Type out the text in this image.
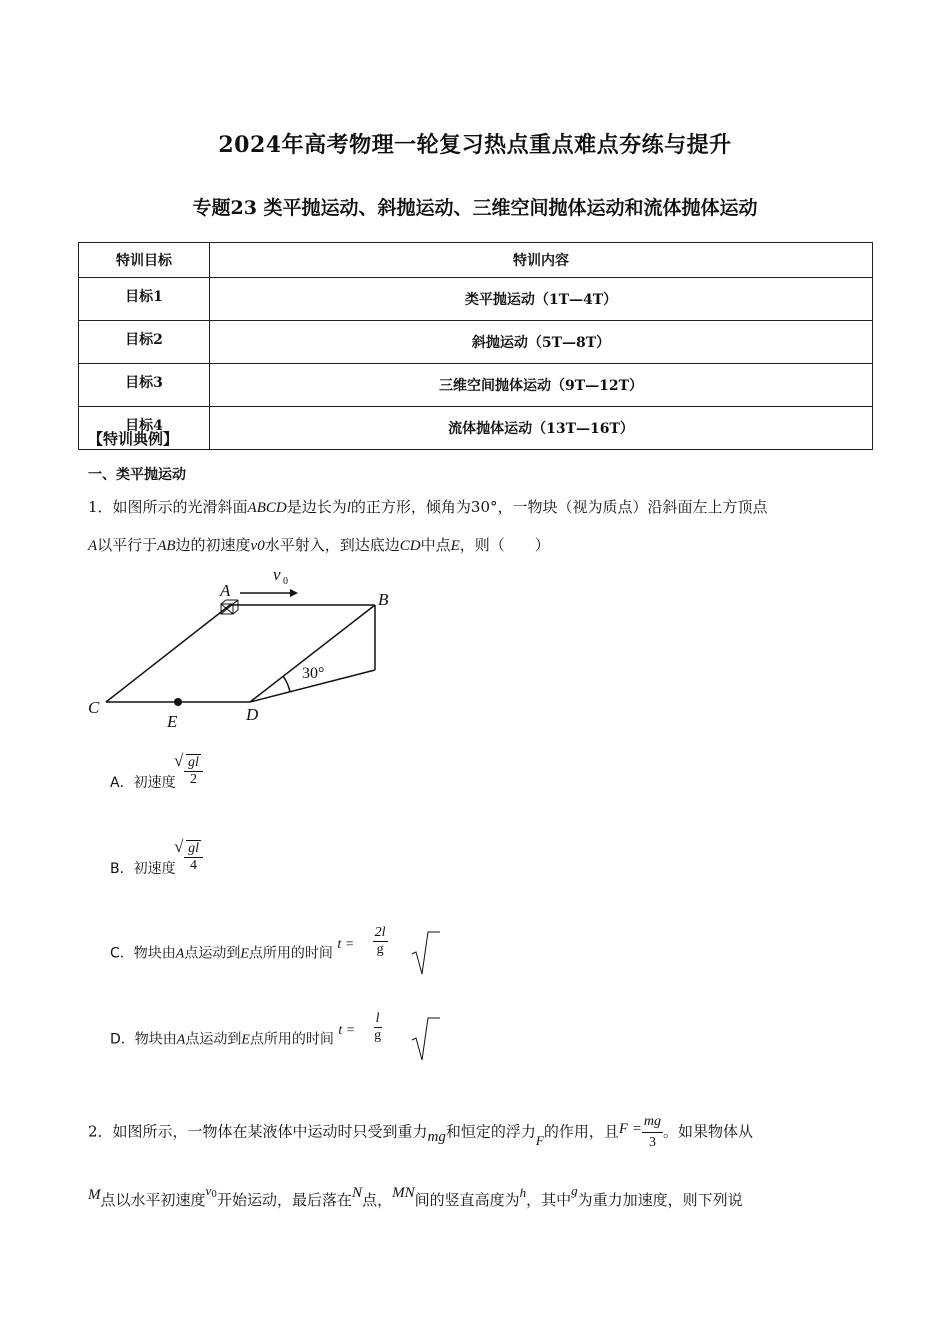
2024年高考物理一轮复习热点重点难点夯练与提升
专题23 类平抛运动、斜抛运动、三维空间抛体运动和流体抛体运动
特训目标	特训内容
目标1	类平抛运动（1T—4T）
目标2	斜抛运动（5T—8T）
目标3	三维空间抛体运动（9T—12T）
目标4	流体抛体运动（13T—16T）
【特训典例】
一、类平抛运动
1．如图所示的光滑斜面ABCD是边长为l的正方形，倾角为30°，一物块（视为质点）沿斜面左上方顶点
A以平行于AB边的初速度v0水平射入，到达底边CD中点E，则（　　）
A	B
C	D
E
v 0
30°
A．初速度 √ $\frac{gl}{2}$
B．初速度 √ $\frac{gl}{4}$
C．物块由A点运动到E点所用的时间 $t = \frac{2l}{g}$
D．物块由A点运动到E点所用的时间 $t = \frac{l}{g}$
2．如图所示，一物体在某液体中运动时只受到重力mg和恒定的浮力F的作用，且$F = \frac{mg}{3}$ 。如果物体从
M点以水平初速度$v^0$开始运动，最后落在N点，MN间的竖直高度为h，其中g为重力加速度，则下列说
